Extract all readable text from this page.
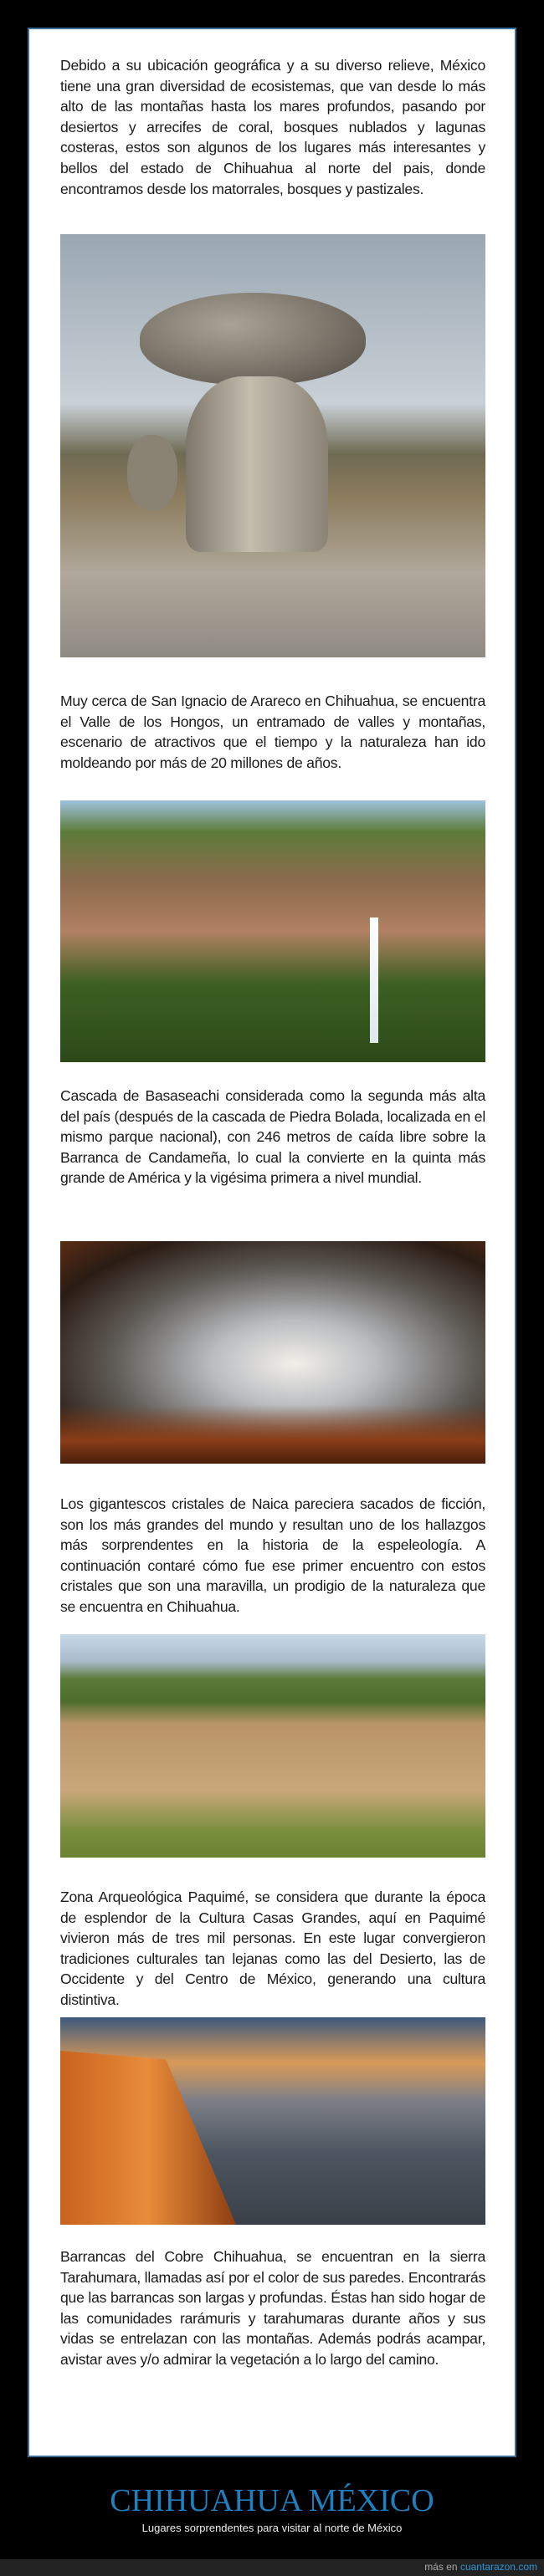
Debido a su ubicación geográfica y a su diverso relieve, México tiene una gran diversidad de ecosistemas, que van desde lo más alto de las montañas hasta los mares profundos, pasando por desiertos y arrecifes de coral, bosques nublados y lagunas costeras, estos son algunos de los lugares más interesantes y bellos del estado de Chihuahua al norte del pais, donde encontramos desde los matorrales, bosques y pastizales.

Muy cerca de San Ignacio de Arareco en Chihuahua, se encuentra el Valle de los Hongos, un entramado de valles y montañas, escenario de atractivos que el tiempo y la naturaleza han ido moldeando por más de 20 millones de años.

Cascada de Basaseachi considerada como la segunda más alta del país (después de la cascada de Piedra Bolada, localizada en el mismo parque nacional), con 246 metros de caída libre sobre la Barranca de Candameña, lo cual la convierte en la quinta más grande de América y la vigésima primera a nivel mundial.

Los gigantescos cristales de Naica pareciera sacados de ficción, son los más grandes del mundo y resultan uno de los hallazgos más sorprendentes en la historia de la espeleología. A continuación contaré cómo fue ese primer encuentro con estos cristales que son una maravilla, un prodigio de la naturaleza que se encuentra en Chihuahua.

Zona Arqueológica Paquimé, se considera que durante la época de esplendor de la Cultura Casas Grandes, aquí en Paquimé vivieron más de tres mil personas. En este lugar convergieron tradiciones culturales tan lejanas como las del Desierto, las de Occidente y del Centro de México, generando una cultura distintiva.

Barrancas del Cobre Chihuahua, se encuentran en la sierra Tarahumara, llamadas así por el color de sus paredes. Encontrarás que las barrancas son largas y profundas. Éstas han sido hogar de las comunidades rarámuris y tarahumaras durante años y sus vidas se entrelazan con las montañas. Además podrás acampar, avistar aves y/o admirar la vegetación a lo largo del camino.

CHIHUAHUA MÉXICO
Lugares sorprendentes para visitar al norte de México
más en cuantarazon.com
